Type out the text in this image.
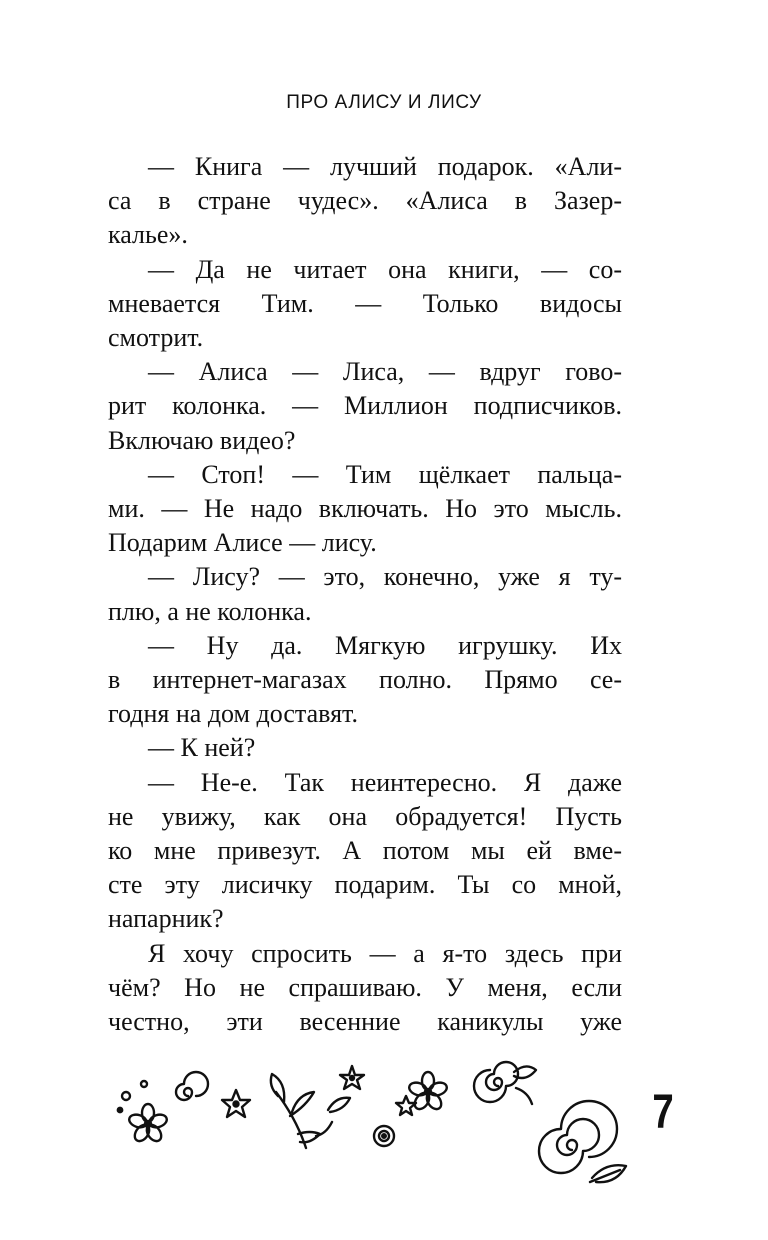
ПРО АЛИСУ И ЛИСУ

— Книга — лучший подарок. «Али-
са в стране чудес». «Алиса в Зазер-
калье».

— Да не читает она книги, — со-
мневается Тим. — Только видосы
смотрит.

— Алиса — Лиса, — вдруг гово-
рит колонка. — Миллион подписчиков.
Включаю видео?

— Стоп! — Тим щёлкает пальца-
ми. — Не надо включать. Но это мысль.
Подарим Алисе — лису.

— Лису? — это, конечно, уже я ту-
плю, а не колонка.

— Ну да. Мягкую игрушку. Их
в интернет-магазах полно. Прямо се-
годня на дом доставят.

— К ней?

— Не-е. Так неинтересно. Я даже
не увижу, как она обрадуется! Пусть
ко мне привезут. А потом мы ей вме-
сте эту лисичку подарим. Ты со мной,
напарник?

Я хочу спросить — а я-то здесь при
чём? Но не спрашиваю. У меня, если
честно, эти весенние каникулы уже

7
